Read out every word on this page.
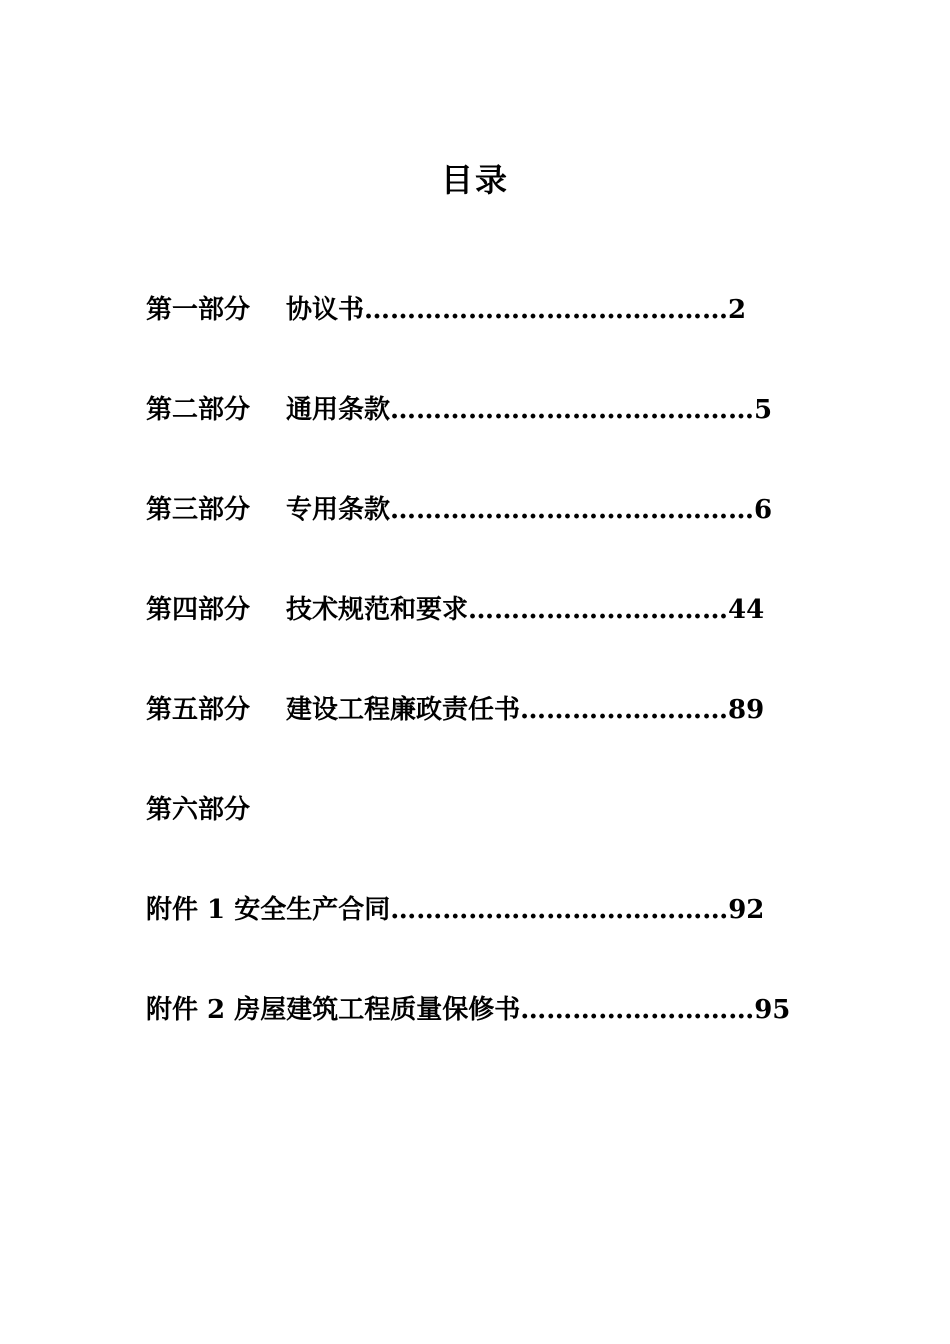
目录
第一部分 协议书……………………………………2
第二部分 通用条款……………………………………5
第三部分 专用条款……………………………………6
第四部分 技术规范和要求…………………………44
第五部分 建设工程廉政责任书……………………89
第六部分
附件 1 安全生产合同…………………………………92
附件 2 房屋建筑工程质量保修书………………………95
